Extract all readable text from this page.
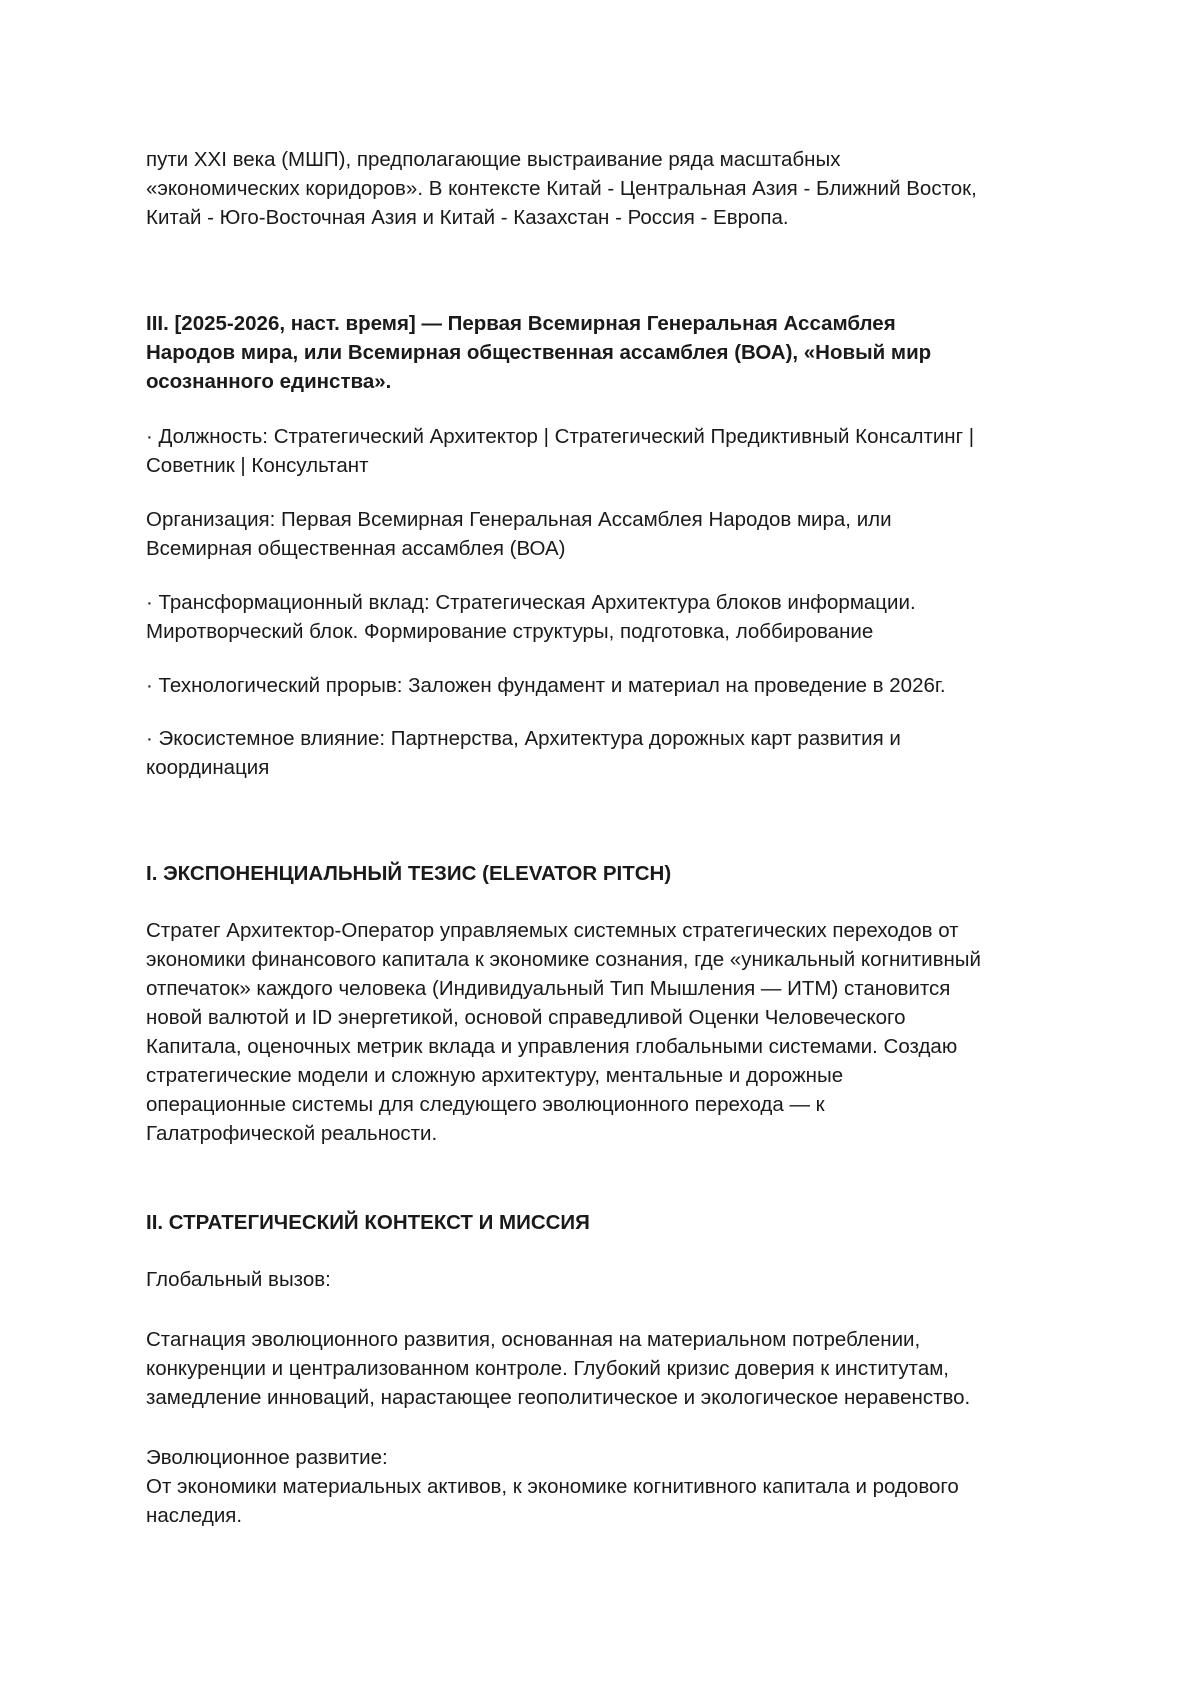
пути XXI века (МШП), предполагающие выстраивание ряда масштабных
«экономических коридоров». В контексте Китай - Центральная Азия - Ближний Восток,
Китай - Юго-Восточная Азия и Китай - Казахстан - Россия - Европа.
III. [2025-2026, наст. время] — Первая Всемирная Генеральная Ассамблея
Народов мира, или Всемирная общественная ассамблея (ВОА), «Новый мир
осознанного единства».
· Должность: Стратегический Архитектор | Стратегический Предиктивный Консалтинг |
Советник | Консультант
Организация: Первая Всемирная Генеральная Ассамблея Народов мира, или
Всемирная общественная ассамблея (ВОА)
· Трансформационный вклад: Стратегическая Архитектура блоков информации.
Миротворческий блок. Формирование структуры, подготовка, лоббирование
· Технологический прорыв: Заложен фундамент и материал на проведение в 2026г.
· Экосистемное влияние: Партнерства, Архитектура дорожных карт развития и
координация
I. ЭКСПОНЕНЦИАЛЬНЫЙ ТЕЗИС (ELEVATOR PITCH)
Стратег Архитектор-Оператор управляемых системных стратегических переходов от
экономики финансового капитала к экономике сознания, где «уникальный когнитивный
отпечаток» каждого человека (Индивидуальный Тип Мышления — ИТМ) становится
новой валютой и ID энергетикой, основой справедливой Оценки Человеческого
Капитала, оценочных метрик вклада и управления глобальными системами. Создаю
стратегические модели и сложную архитектуру, ментальные и дорожные
операционные системы для следующего эволюционного перехода — к
Галатрофической реальности.
II. СТРАТЕГИЧЕСКИЙ КОНТЕКСТ И МИССИЯ
Глобальный вызов:
Стагнация эволюционного развития, основанная на материальном потреблении,
конкуренции и централизованном контроле. Глубокий кризис доверия к институтам,
замедление инноваций, нарастающее геополитическое и экологическое неравенство.
Эволюционное развитие:
От экономики материальных активов, к экономике когнитивного капитала и родового
наследия.
